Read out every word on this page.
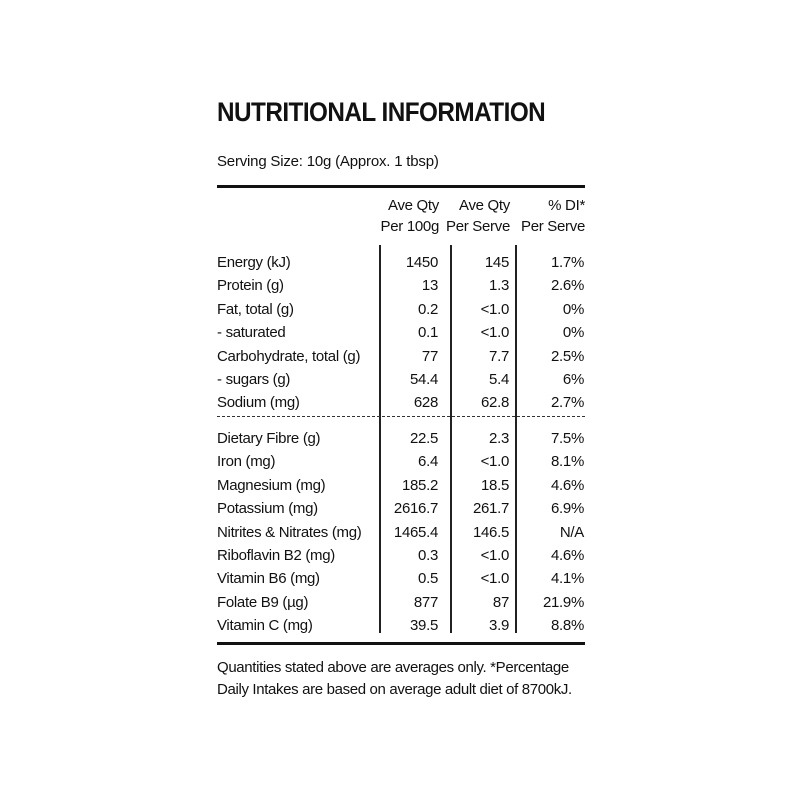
NUTRITIONAL INFORMATION
Serving Size: 10g (Approx. 1 tbsp)
Ave Qty
Per 100g
Ave Qty
Per Serve
% DI*
Per Serve
Energy (kJ)	1450	145	1.7%
Protein (g)	13	1.3	2.6%
Fat, total (g)	0.2	<1.0	0%
- saturated	0.1	<1.0	0%
Carbohydrate, total (g)	77	7.7	2.5%
- sugars (g)	54.4	5.4	6%
Sodium (mg)	628	62.8	2.7%
Dietary Fibre (g)	22.5	2.3	7.5%
Iron (mg)	6.4	<1.0	8.1%
Magnesium (mg)	185.2	18.5	4.6%
Potassium (mg)	2616.7 261.7	6.9%
Nitrites & Nitrates (mg) 1465.4 146.5	N/A
Riboflavin B2 (mg)	0.3	<1.0	4.6%
Vitamin B6 (mg)	0.5	<1.0	4.1%
Folate B9 (µg)	877	87 21.9%
Vitamin C (mg)	39.5	3.9	8.8%
Quantities stated above are averages only. *Percentage
Daily Intakes are based on average adult diet of 8700kJ.
